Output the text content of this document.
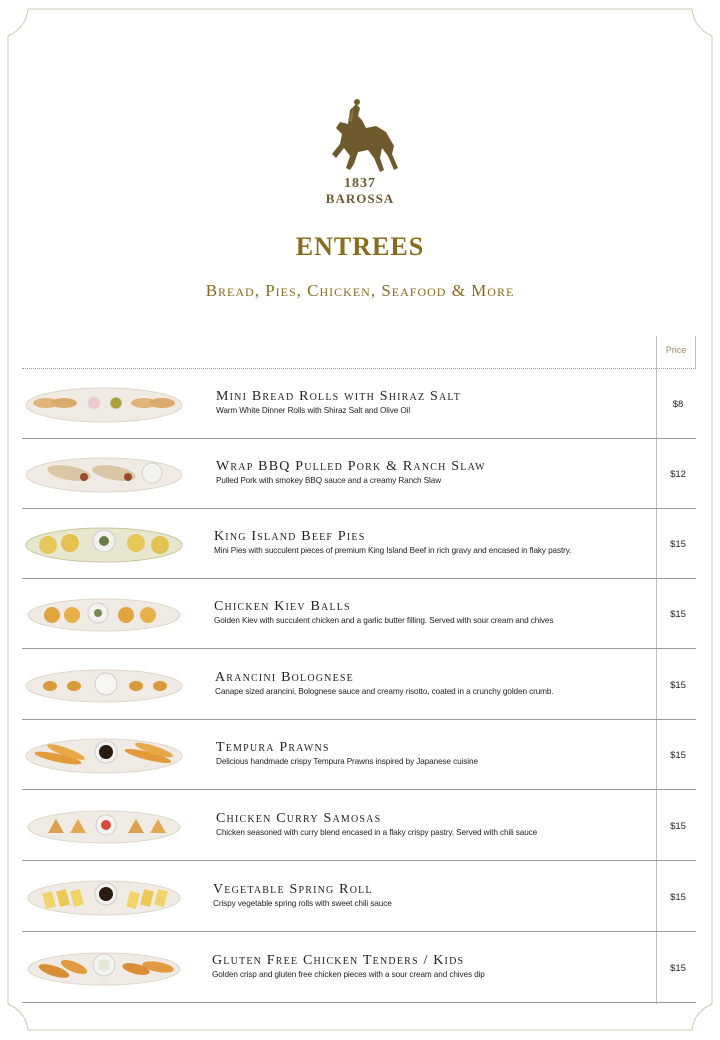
1837
BAROSSA
ENTREES
Bread, Pies, Chicken, Seafood & More
Price
Mini Bread Rolls with Shiraz Salt
Warm White Dinner Rolls with Shiraz Salt and Olive Oil
$8
Wrap BBQ Pulled Pork & Ranch Slaw
Pulled Pork with smokey BBQ sauce and a creamy Ranch Slaw
$12
King Island Beef Pies
Mini Pies with succulent pieces of premium King Island Beef in rich gravy and encased in flaky pastry.
$15
Chicken Kiev Balls
Golden Kiev with succulent chicken and a garlic butter filling. Served with sour cream and chives
$15
Arancini Bolognese
Canape sized arancini, Bolognese sauce and creamy risotto, coated in a crunchy golden crumb.
$15
Tempura Prawns
Delicious handmade crispy Tempura Prawns inspired by Japanese cuisine
$15
Chicken Curry Samosas
Chicken seasoned with curry blend encased in a flaky crispy pastry. Served with chili sauce
$15
Vegetable Spring Roll
Crispy vegetable spring rolls with sweet chili sauce
$15
Gluten Free Chicken Tenders / Kids
Golden crisp and gluten free chicken pieces with a sour cream and chives dip
$15
